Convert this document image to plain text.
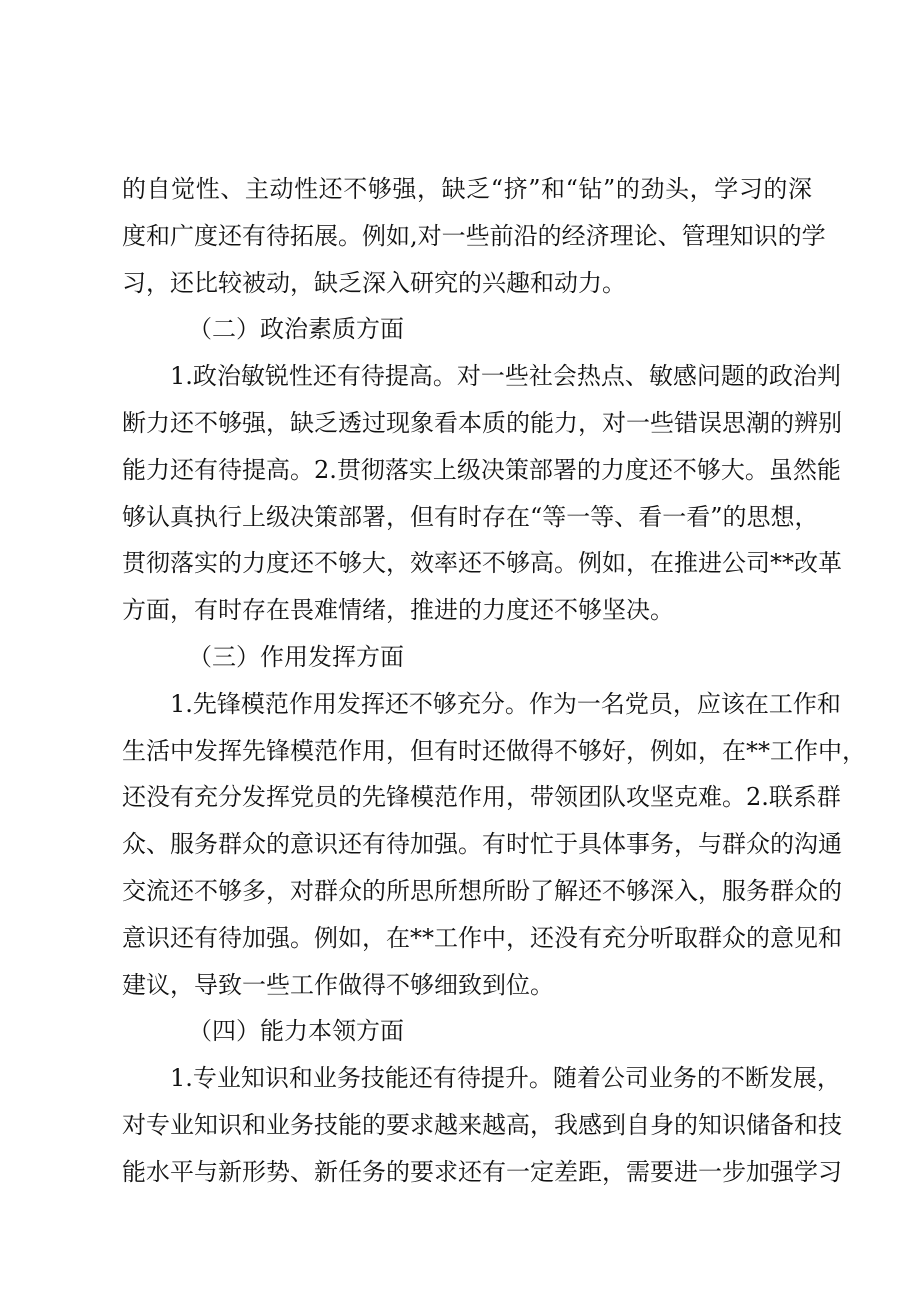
的自觉性、主动性还不够强，缺乏“挤”和“钻”的劲头，学习的深
度和广度还有待拓展。例如,对一些前沿的经济理论、管理知识的学
习，还比较被动，缺乏深入研究的兴趣和动力。
（二）政治素质方面
1.政治敏锐性还有待提高。对一些社会热点、敏感问题的政治判
断力还不够强，缺乏透过现象看本质的能力，对一些错误思潮的辨别
能力还有待提高。2.贯彻落实上级决策部署的力度还不够大。虽然能
够认真执行上级决策部署，但有时存在“等一等、看一看”的思想，
贯彻落实的力度还不够大，效率还不够高。例如，在推进公司**改革
方面，有时存在畏难情绪，推进的力度还不够坚决。
（三）作用发挥方面
1.先锋模范作用发挥还不够充分。作为一名党员，应该在工作和
生活中发挥先锋模范作用，但有时还做得不够好，例如，在**工作中，
还没有充分发挥党员的先锋模范作用，带领团队攻坚克难。2.联系群
众、服务群众的意识还有待加强。有时忙于具体事务，与群众的沟通
交流还不够多，对群众的所思所想所盼了解还不够深入，服务群众的
意识还有待加强。例如，在**工作中，还没有充分听取群众的意见和
建议，导致一些工作做得不够细致到位。
（四）能力本领方面
1.专业知识和业务技能还有待提升。随着公司业务的不断发展，
对专业知识和业务技能的要求越来越高，我感到自身的知识储备和技
能水平与新形势、新任务的要求还有一定差距，需要进一步加强学习
